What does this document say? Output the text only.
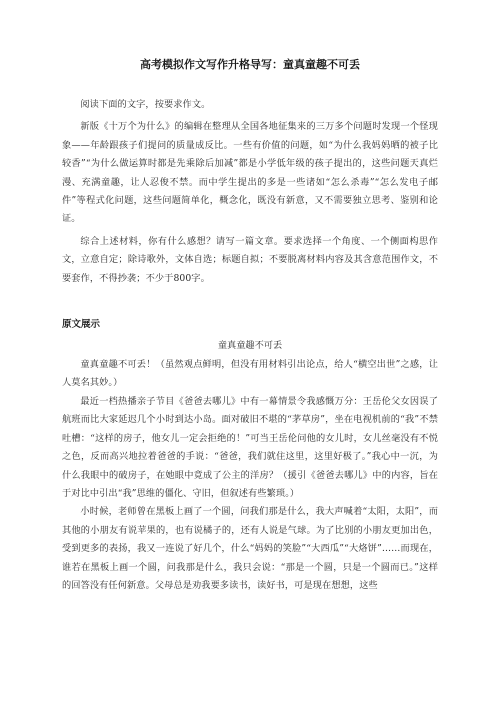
高考模拟作文写作升格导写：童真童趣不可丢

阅读下面的文字，按要求作文。

新版《十万个为什么》的编辑在整理从全国各地征集来的三万多个问题时发现一个怪现象——年龄跟孩子们提问的质量成反比。一些有价值的问题，如“为什么我妈妈晒的被子比较香”“为什么做运算时都是先乘除后加减”都是小学低年级的孩子提出的，这些问题天真烂漫、充满童趣，让人忍俊不禁。而中学生提出的多是一些诸如“怎么杀毒”“怎么发电子邮件”等程式化问题，这些问题简单化，概念化，既没有新意，又不需要独立思考、鉴别和论证。

综合上述材料，你有什么感想？请写一篇文章。要求选择一个角度、一个侧面构思作文，立意自定；除诗歌外，文体自选；标题自拟；不要脱离材料内容及其含意范围作文，不要套作，不得抄袭；不少于800字。

原文展示
童真童趣不可丢

童真童趣不可丢！（虽然观点鲜明，但没有用材料引出论点，给人“横空出世”之感，让人莫名其妙。）

最近一档热播亲子节目《爸爸去哪儿》中有一幕情景令我感慨万分：王岳伦父女因误了航班而比大家延迟几个小时到达小岛。面对破旧不堪的“茅草房”，坐在电视机前的“我”不禁吐槽：“这样的房子，他女儿一定会拒绝的！”可当王岳伦问他的女儿时，女儿丝毫没有不悦之色，反而高兴地拉着爸爸的手说：“爸爸，我们就住这里，这里好极了。”我心中一沉，为什么我眼中的破房子，在她眼中竟成了公主的洋房？（援引《爸爸去哪儿》中的内容，旨在于对比中引出“我”思维的僵化、守旧，但叙述有些繁琐。）

小时候，老师曾在黑板上画了一个圆，问我们那是什么，我大声喊着“太阳，太阳”，而其他的小朋友有说苹果的，也有说橘子的，还有人说是气球。为了比别的小朋友更加出色，受到更多的表扬，我又一连说了好几个，什么“妈妈的笑脸”“大西瓜”“大烙饼”……而现在，谁若在黑板上画一个圆，问我那是什么，我只会说：“那是一个圆，只是一个圆而已。”这样的回答没有任何新意。父母总是劝我要多读书，读好书，可是现在想想，这些
